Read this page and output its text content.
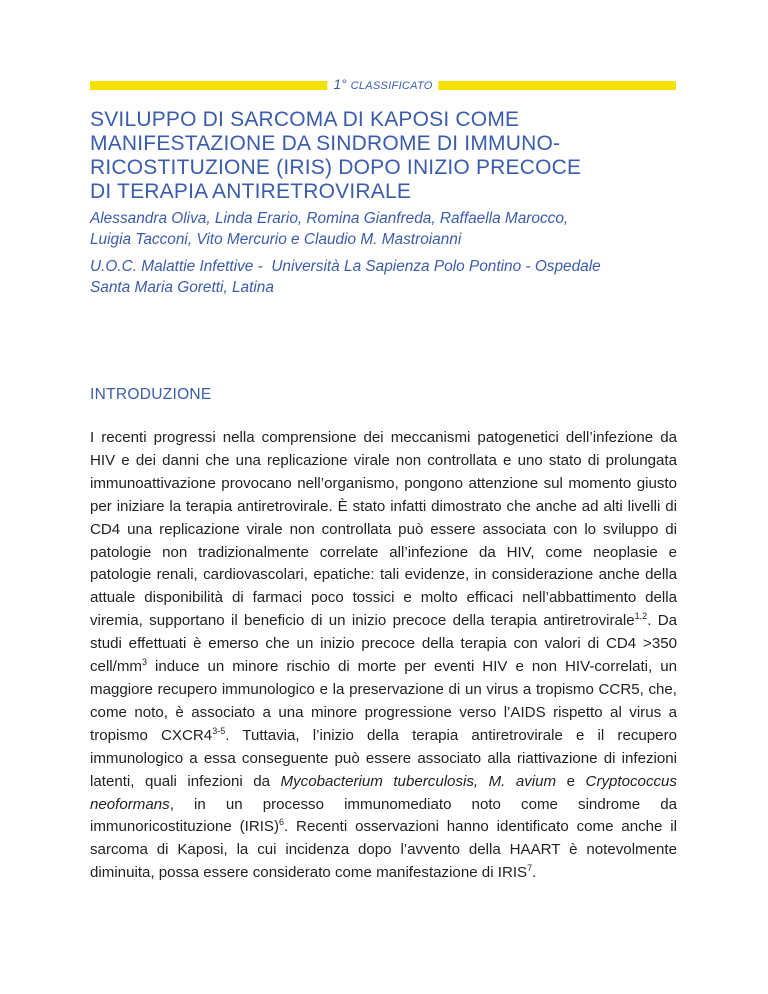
1° CLASSIFICATO
SVILUPPO DI SARCOMA DI KAPOSI COME
MANIFESTAZIONE DA SINDROME DI IMMUNO-
RICOSTITUZIONE (IRIS) DOPO INIZIO PRECOCE
DI TERAPIA ANTIRETROVIRALE

Alessandra Oliva, Linda Erario, Romina Gianfreda, Raffaella Marocco,
Luigia Tacconi, Vito Mercurio e Claudio M. Mastroianni

U.O.C. Malattie Infettive -  Università La Sapienza Polo Pontino - Ospedale
Santa Maria Goretti, Latina

INTRODUZIONE

I recenti progressi nella comprensione dei meccanismi patogenetici dell’infezione da HIV e dei danni che una replicazione virale non controllata e uno stato di prolungata immunoattivazione provocano nell’organismo, pongono attenzione sul momento giusto per iniziare la terapia antiretrovirale. È stato infatti dimostrato che anche ad alti livelli di CD4 una replicazione virale non controllata può essere associata con lo sviluppo di patologie non tradizionalmente correlate all’infezione da HIV, come neoplasie e patologie renali, cardiovascolari, epatiche: tali evidenze, in considerazione anche della attuale disponibilità di farmaci poco tossici e molto efficaci nell’abbattimento della viremia, supportano il beneficio di un inizio precoce della terapia antiretrovirale$^{1,2}$. Da studi effettuati è emerso che un inizio precoce della terapia con valori di CD4 >350 cell/$mm^3$ induce un minore rischio di morte per eventi HIV e non HIV-correlati, un maggiore recupero immunologico e la preservazione di un virus a tropismo CCR5, che, come noto, è associato a una minore progressione verso l’AIDS rispetto al virus a tropismo CXCR4$^{3-5}$. Tuttavia, l’inizio della terapia antiretrovirale e il recupero immunologico a essa conseguente può essere associato alla riattivazione di infezioni latenti, quali infezioni da Mycobacterium tuberculosis, M. avium e Cryptococcus neoformans, in un processo immunomediato noto come sindrome da immunoricostituzione (IRIS)$^6$. Recenti osservazioni hanno identificato come anche il sarcoma di Kaposi, la cui incidenza dopo l’avvento della HAART è notevolmente diminuita, possa essere considerato come manifestazione di IRIS$^7$.
